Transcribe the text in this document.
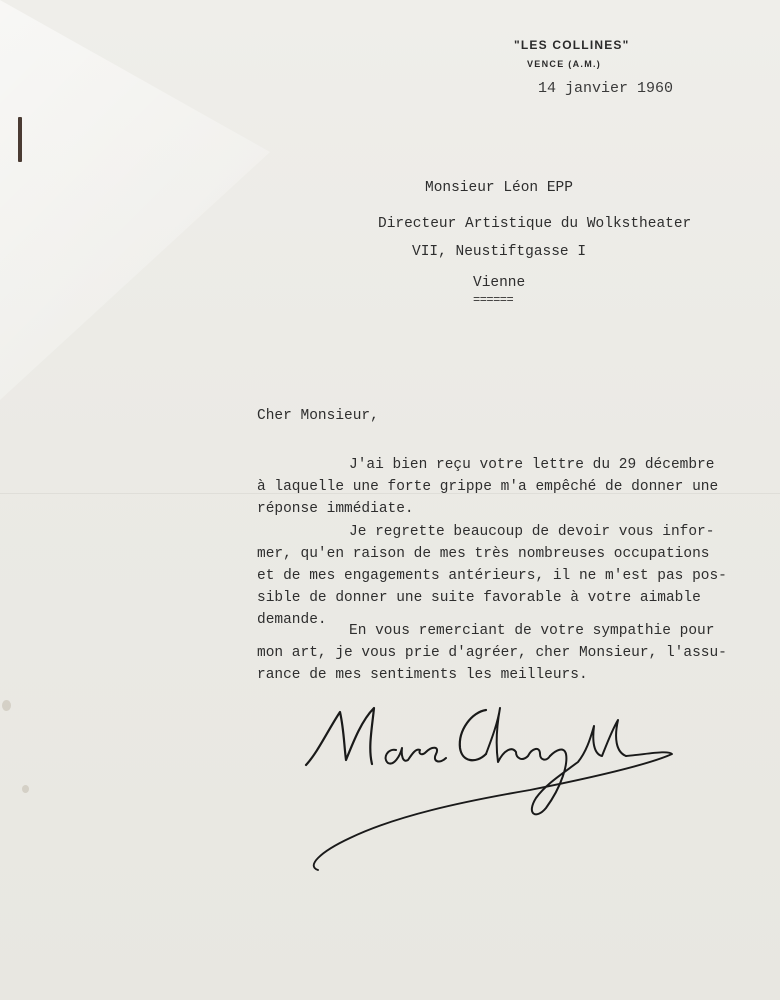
"LES COLLINES"
VENCE (A.M.)
14 janvier 1960
Monsieur Léon EPP
Directeur Artistique du Wolkstheater
VII, Neustiftgasse I
Vienne
======
Cher Monsieur,
J'ai bien reçu votre lettre du 29 décembre
à laquelle une forte grippe m'a empêché de donner une
réponse immédiate.
Je regrette beaucoup de devoir vous infor-
mer, qu'en raison de mes très nombreuses occupations
et de mes engagements antérieurs, il ne m'est pas pos-
sible de donner une suite favorable à votre aimable
demande.
En vous remerciant de votre sympathie pour
mon art, je vous prie d'agréer, cher Monsieur, l'assu-
rance de mes sentiments les meilleurs.
